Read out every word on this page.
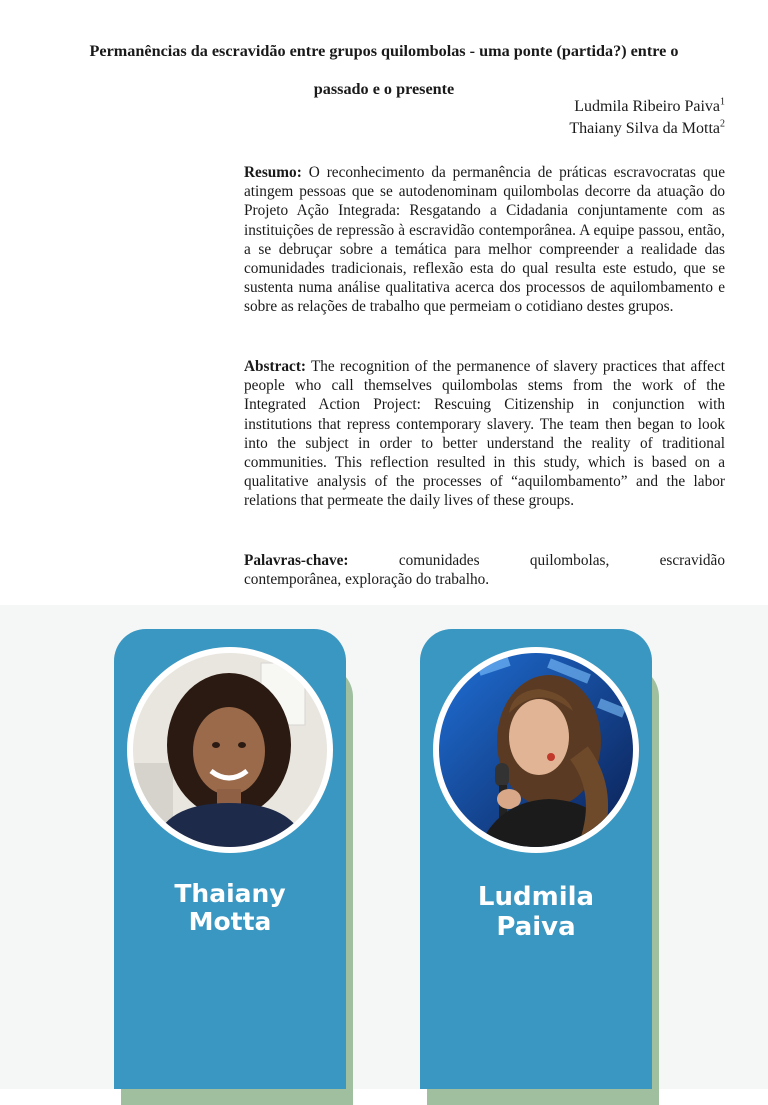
Permanências da escravidão entre grupos quilombolas - uma ponte (partida?) entre o
passado e o presente
Ludmila Ribeiro Paiva$^1$
Thaiany Silva da Motta$^2$
Resumo: O reconhecimento da permanência de práticas escravocratas que atingem pessoas que se autodenominam quilombolas decorre da atuação do Projeto Ação Integrada: Resgatando a Cidadania conjuntamente com as instituições de repressão à escravidão contemporânea. A equipe passou, então, a se debruçar sobre a temática para melhor compreender a realidade das comunidades tradicionais, reflexão esta do qual resulta este estudo, que se sustenta numa análise qualitativa acerca dos processos de aquilombamento e sobre as relações de trabalho que permeiam o cotidiano destes grupos.
Abstract: The recognition of the permanence of slavery practices that affect people who call themselves quilombolas stems from the work of the Integrated Action Project: Rescuing Citizenship in conjunction with institutions that repress contemporary slavery. The team then began to look into the subject in order to better understand the reality of traditional communities. This reflection resulted in this study, which is based on a qualitative analysis of the processes of “aquilombamento” and the labor relations that permeate the daily lives of these groups.
Palavras-chave:	comunidades	quilombolas,	escravidão
contemporânea, exploração do trabalho.
Thaiany
Motta
Ludmila
Paiva
